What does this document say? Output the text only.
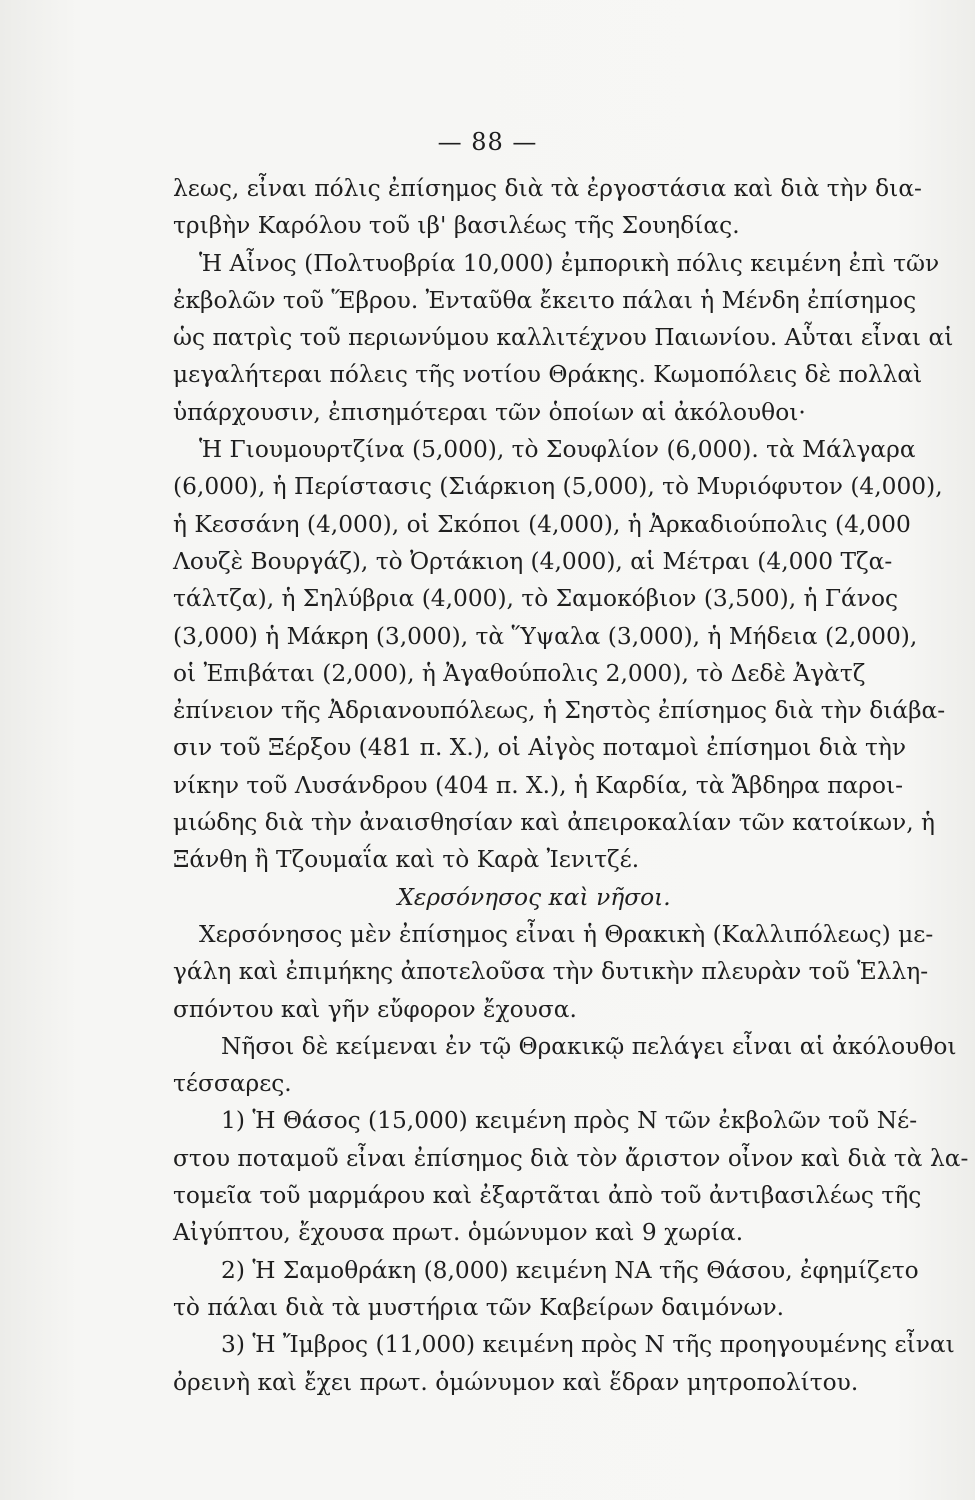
— 88 —
λεως, εἶναι πόλις ἐπίσημος διὰ τὰ ἐργοστάσια καὶ διὰ τὴν δια-
τριβὴν Καρόλου τοῦ ιβ' βασιλέως τῆς Σουηδίας.
Ἡ Αἶνος (Πολτυοβρία 10,000) ἐμπορικὴ πόλις κειμένη ἐπὶ τῶν
ἐκβολῶν τοῦ Ἕβρου. Ἐνταῦθα ἔκειτο πάλαι ἡ Μένδη ἐπίσημος
ὡς πατρὶς τοῦ περιωνύμου καλλιτέχνου Παιωνίου. Αὗται εἶναι αἱ
μεγαλήτεραι πόλεις τῆς νοτίου Θράκης. Κωμοπόλεις δὲ πολλαὶ
ὑπάρχουσιν, ἐπισημότεραι τῶν ὁποίων αἱ ἀκόλουθοι·
Ἡ Γιουμουρτζίνα (5,000), τὸ Σουφλίον (6,000). τὰ Μάλγαρα
(6,000), ἡ Περίστασις (Σιάρκιοη (5,000), τὸ Μυριόφυτον (4,000),
ἡ Κεσσάνη (4,000), οἱ Σκόποι (4,000), ἡ Ἀρκαδιούπολις (4,000
Λουζὲ Βουργάζ), τὸ Ὀρτάκιοη (4,000), αἱ Μέτραι (4,000 Τζα-
τάλτζα), ἡ Σηλύβρια (4,000), τὸ Σαμοκόβιον (3,500), ἡ Γάνος
(3,000) ἡ Μάκρη (3,000), τὰ Ὕψαλα (3,000), ἡ Μήδεια (2,000),
οἱ Ἐπιβάται (2,000), ἡ Ἀγαθούπολις 2,000), τὸ Δεδὲ Ἀγὰτζ
ἐπίνειον τῆς Ἀδριανουπόλεως, ἡ Σηστὸς ἐπίσημος διὰ τὴν διάβα-
σιν τοῦ Ξέρξου (481 π. Χ.), οἱ Αἰγὸς ποταμοὶ ἐπίσημοι διὰ τὴν
νίκην τοῦ Λυσάνδρου (404 π. Χ.), ἡ Καρδία, τὰ Ἄβδηρα παροι-
μιώδης διὰ τὴν ἀναισθησίαν καὶ ἀπειροκαλίαν τῶν κατοίκων, ἡ
Ξάνθη ἢ Τζουμαΐα καὶ τὸ Καρὰ Ἰενιτζέ.
Χερσόνησος καὶ νῆσοι.
Χερσόνησος μὲν ἐπίσημος εἶναι ἡ Θρακικὴ (Καλλιπόλεως) με-
γάλη καὶ ἐπιμήκης ἀποτελοῦσα τὴν δυτικὴν πλευρὰν τοῦ Ἑλλη-
σπόντου καὶ γῆν εὔφορον ἔχουσα.
Νῆσοι δὲ κείμεναι ἐν τῷ Θρακικῷ πελάγει εἶναι αἱ ἀκόλουθοι
τέσσαρες.
1) Ἡ Θάσος (15,000) κειμένη πρὸς Ν τῶν ἐκβολῶν τοῦ Νέ-
στου ποταμοῦ εἶναι ἐπίσημος διὰ τὸν ἄριστον οἶνον καὶ διὰ τὰ λα-
τομεῖα τοῦ μαρμάρου καὶ ἐξαρτᾶται ἀπὸ τοῦ ἀντιβασιλέως τῆς
Αἰγύπτου, ἔχουσα πρωτ. ὁμώνυμον καὶ 9 χωρία.
2) Ἡ Σαμοθράκη (8,000) κειμένη ΝΑ τῆς Θάσου, ἐφημίζετο
τὸ πάλαι διὰ τὰ μυστήρια τῶν Καβείρων δαιμόνων.
3) Ἡ Ἴμβρος (11,000) κειμένη πρὸς Ν τῆς προηγουμένης εἶναι
ὀρεινὴ καὶ ἔχει πρωτ. ὁμώνυμον καὶ ἕδραν μητροπολίτου.
